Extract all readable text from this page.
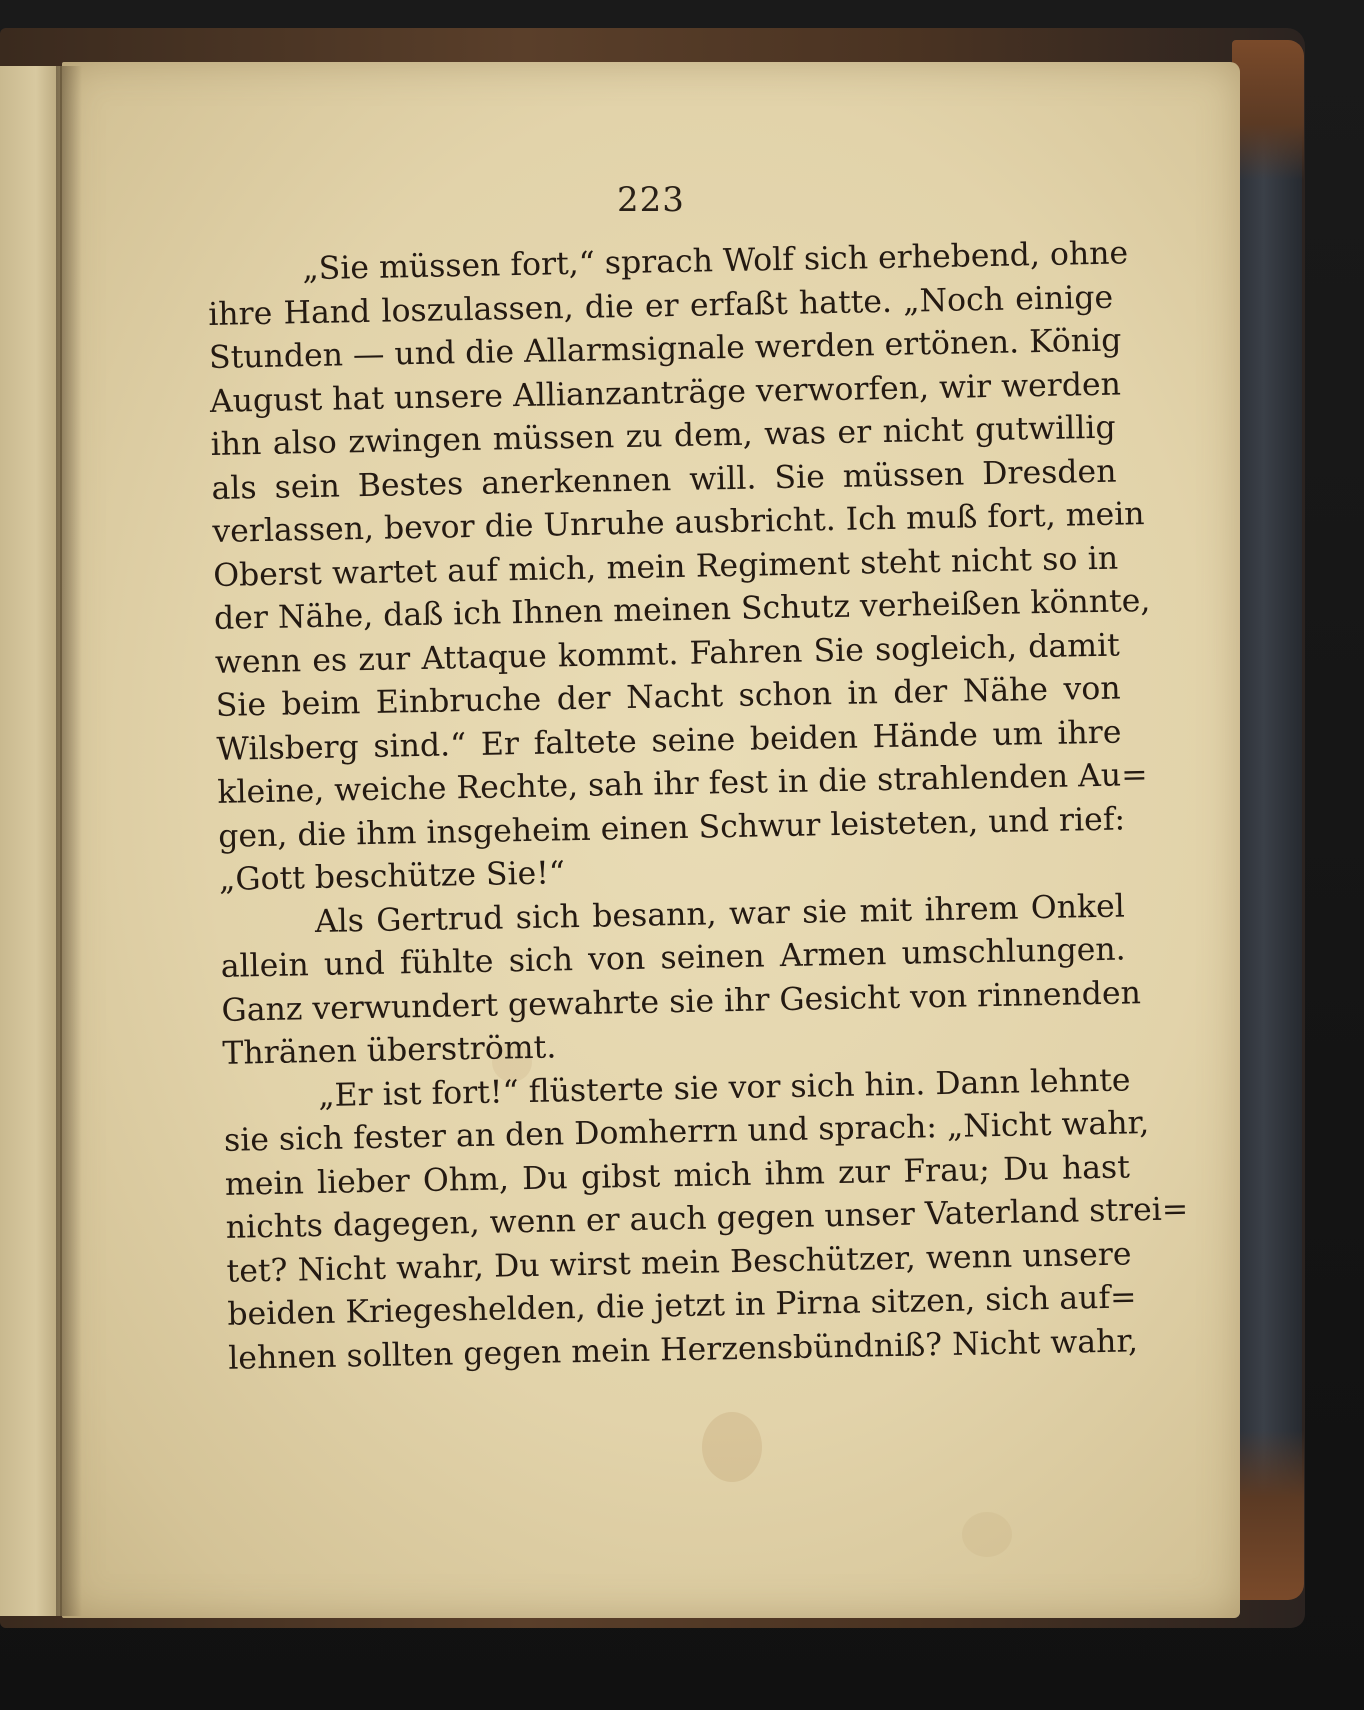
223
„Sie müssen fort,“ sprach Wolf sich erhebend, ohne
ihre Hand loszulassen, die er erfaßt hatte. „Noch einige
Stunden — und die Allarmsignale werden ertönen. König
August hat unsere Allianzanträge verworfen, wir werden
ihn also zwingen müssen zu dem, was er nicht gutwillig
als sein Bestes anerkennen will. Sie müssen Dresden
verlassen, bevor die Unruhe ausbricht. Ich muß fort, mein
Oberst wartet auf mich, mein Regiment steht nicht so in
der Nähe, daß ich Ihnen meinen Schutz verheißen könnte,
wenn es zur Attaque kommt. Fahren Sie sogleich, damit
Sie beim Einbruche der Nacht schon in der Nähe von
Wilsberg sind.“ Er faltete seine beiden Hände um ihre
kleine, weiche Rechte, sah ihr fest in die strahlenden Au=
gen, die ihm insgeheim einen Schwur leisteten, und rief:
„Gott beschütze Sie!“
Als Gertrud sich besann, war sie mit ihrem Onkel
allein und fühlte sich von seinen Armen umschlungen.
Ganz verwundert gewahrte sie ihr Gesicht von rinnenden
Thränen überströmt.
„Er ist fort!“ flüsterte sie vor sich hin. Dann lehnte
sie sich fester an den Domherrn und sprach: „Nicht wahr,
mein lieber Ohm, Du gibst mich ihm zur Frau; Du hast
nichts dagegen, wenn er auch gegen unser Vaterland strei=
tet? Nicht wahr, Du wirst mein Beschützer, wenn unsere
beiden Kriegeshelden, die jetzt in Pirna sitzen, sich auf=
lehnen sollten gegen mein Herzensbündniß? Nicht wahr,
